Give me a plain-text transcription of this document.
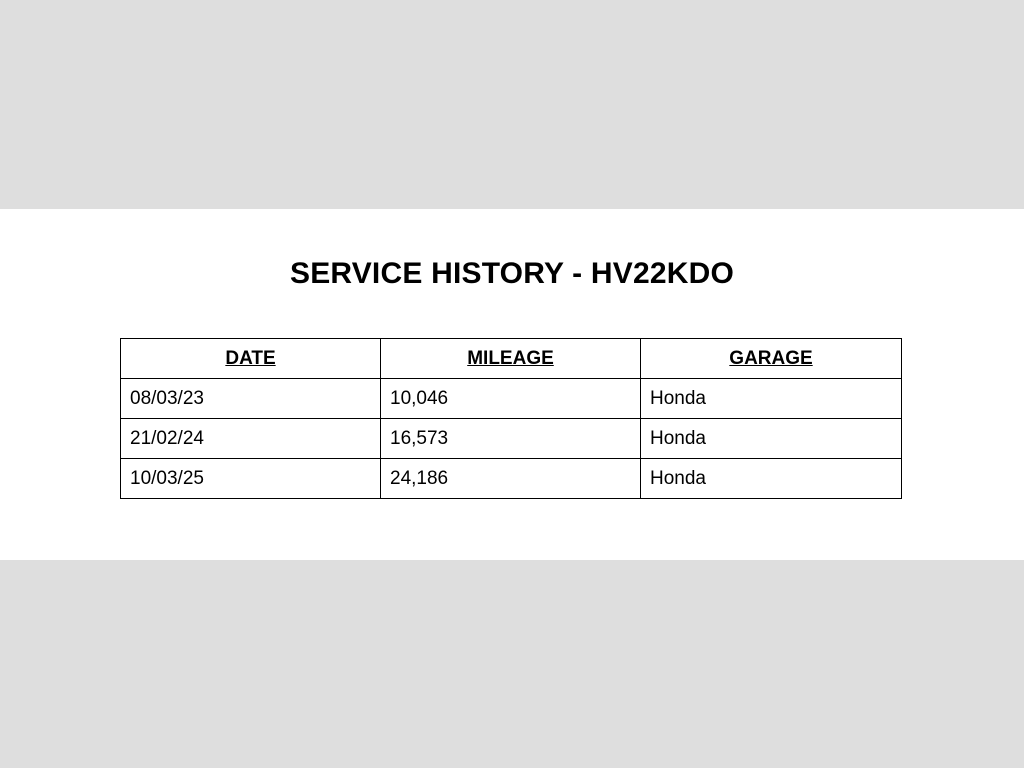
SERVICE HISTORY - HV22KDO
DATE	MILEAGE	GARAGE
08/03/23	10,046	Honda
21/02/24	16,573	Honda
10/03/25	24,186	Honda
